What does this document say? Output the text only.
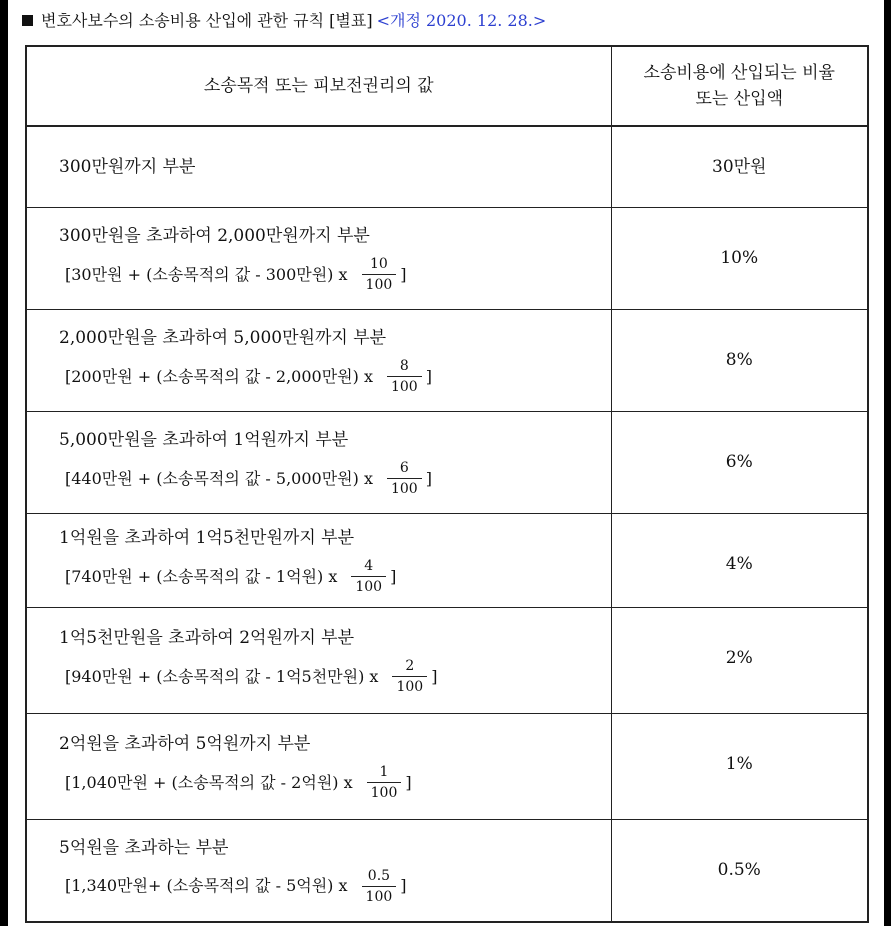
변호사보수의 소송비용 산입에 관한 규칙 [별표] <개정 2020. 12. 28.>
소송목적 또는 피보전권리의 값	소송비용에 산입되는 비율
또는 산입액

300만원까지 부분	30만원

300만원을 초과하여 2,000만원까지 부분
[30만원 + (소송목적의 값 - 300만원) x $\frac{10}{100}$ ]	10%

2,000만원을 초과하여 5,000만원까지 부분
[200만원 + (소송목적의 값 - 2,000만원) x $\frac{8}{100}$ ]	8%

5,000만원을 초과하여 1억원까지 부분
[440만원 + (소송목적의 값 - 5,000만원) x $\frac{6}{100}$ ]	6%

1억원을 초과하여 1억5천만원까지 부분
[740만원 + (소송목적의 값 - 1억원) x $\frac{4}{100}$ ]	4%

1억5천만원을 초과하여 2억원까지 부분
[940만원 + (소송목적의 값 - 1억5천만원) x $\frac{2}{100}$ ]	2%

2억원을 초과하여 5억원까지 부분
[1,040만원 + (소송목적의 값 - 2억원) x $\frac{1}{100}$ ]	1%

5억원을 초과하는 부분
[1,340만원+ (소송목적의 값 - 5억원) x $\frac{0.5}{100}$ ]	0.5%
